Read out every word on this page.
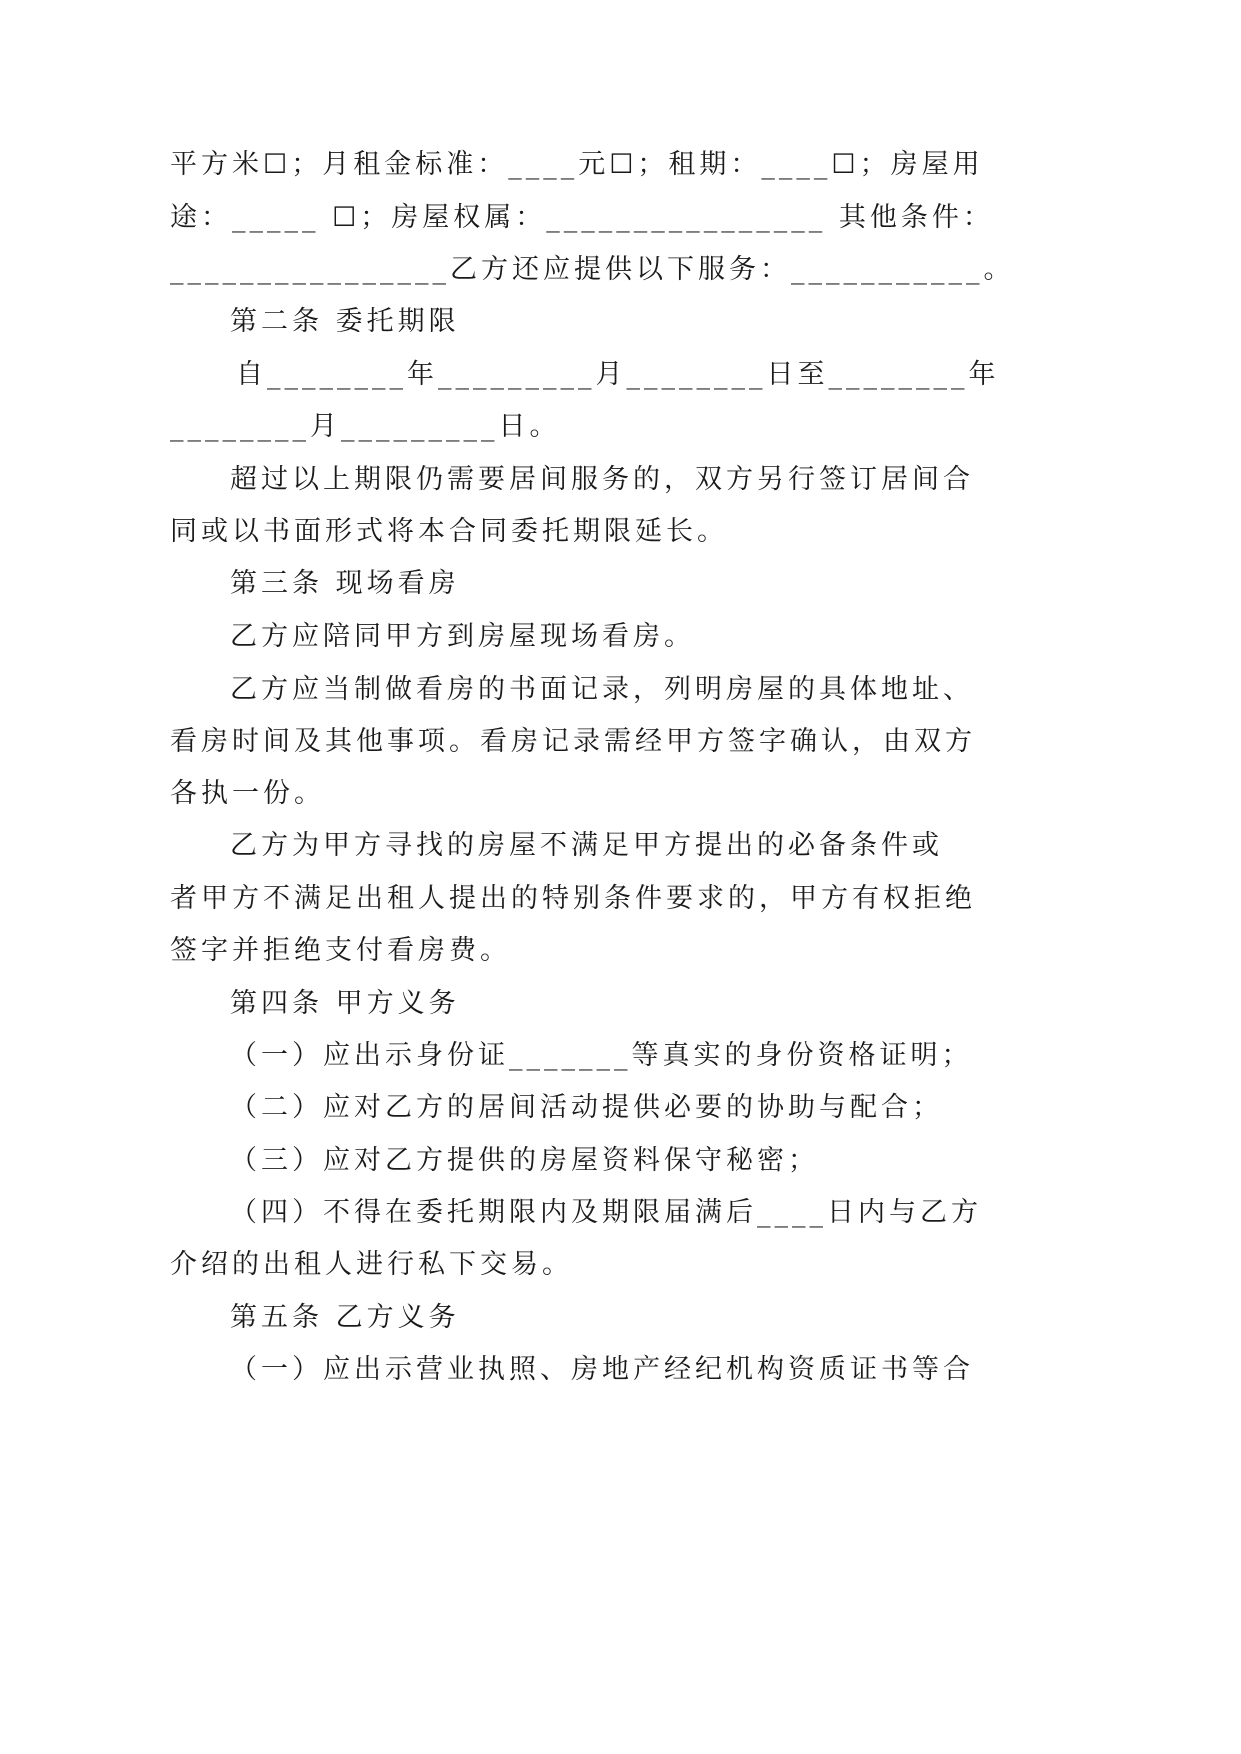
平方米☐；月租金标准：____元☐；租期：____☐；房屋用
途：_____ ☐；房屋权属：________________ 其他条件：
________________乙方还应提供以下服务：___________。
第二条 委托期限
自________年_________月________日至________年
________月_________日。
超过以上期限仍需要居间服务的，双方另行签订居间合
同或以书面形式将本合同委托期限延长。
第三条 现场看房
乙方应陪同甲方到房屋现场看房。
乙方应当制做看房的书面记录，列明房屋的具体地址、
看房时间及其他事项。看房记录需经甲方签字确认，由双方
各执一份。
乙方为甲方寻找的房屋不满足甲方提出的必备条件或
者甲方不满足出租人提出的特别条件要求的，甲方有权拒绝
签字并拒绝支付看房费。
第四条 甲方义务
（一）应出示身份证_______等真实的身份资格证明；
（二）应对乙方的居间活动提供必要的协助与配合；
（三）应对乙方提供的房屋资料保守秘密；
（四）不得在委托期限内及期限届满后____日内与乙方
介绍的出租人进行私下交易。
第五条 乙方义务
（一）应出示营业执照、房地产经纪机构资质证书等合
